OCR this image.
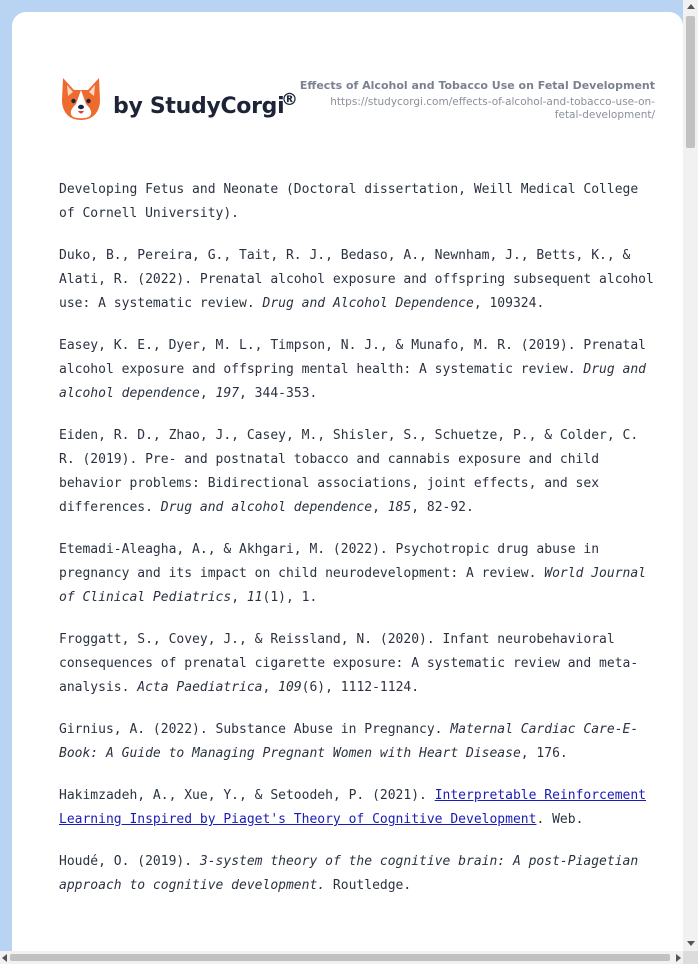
by StudyCorgi
®
Effects of Alcohol and Tobacco Use on Fetal Development
https://studycorgi.com/effects-of-alcohol-and-tobacco-use-on-fetal-development/

Developing Fetus and Neonate (Doctoral dissertation, Weill Medical College of Cornell University).

Duko, B., Pereira, G., Tait, R. J., Bedaso, A., Newnham, J., Betts, K., & Alati, R. (2022). Prenatal alcohol exposure and offspring subsequent alcohol use: A systematic review. Drug and Alcohol Dependence, 109324.

Easey, K. E., Dyer, M. L., Timpson, N. J., & Munafo, M. R. (2019). Prenatal alcohol exposure and offspring mental health: A systematic review. Drug and alcohol dependence, 197, 344-353.

Eiden, R. D., Zhao, J., Casey, M., Shisler, S., Schuetze, P., & Colder, C. R. (2019). Pre- and postnatal tobacco and cannabis exposure and child behavior problems: Bidirectional associations, joint effects, and sex differences. Drug and alcohol dependence, 185, 82-92.

Etemadi-Aleagha, A., & Akhgari, M. (2022). Psychotropic drug abuse in pregnancy and its impact on child neurodevelopment: A review. World Journal of Clinical Pediatrics, 11(1), 1.

Froggatt, S., Covey, J., & Reissland, N. (2020). Infant neurobehavioral consequences of prenatal cigarette exposure: A systematic review and meta-analysis. Acta Paediatrica, 109(6), 1112-1124.

Girnius, A. (2022). Substance Abuse in Pregnancy. Maternal Cardiac Care-E-Book: A Guide to Managing Pregnant Women with Heart Disease, 176.

Hakimzadeh, A., Xue, Y., & Setoodeh, P. (2021). Interpretable Reinforcement Learning Inspired by Piaget's Theory of Cognitive Development. Web.

Houdé, O. (2019). 3-system theory of the cognitive brain: A post-Piagetian approach to cognitive development. Routledge.
